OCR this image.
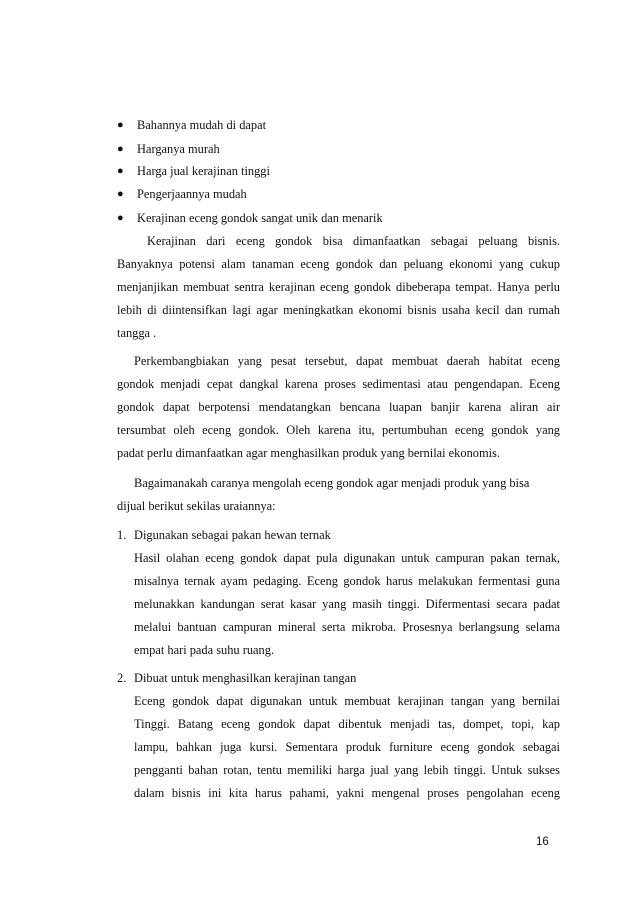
● Bahannya mudah di dapat
● Harganya murah
● Harga jual kerajinan tinggi
● Pengerjaannya mudah
● Kerajinan eceng gondok sangat unik dan menarik
Kerajinan dari eceng gondok bisa dimanfaatkan sebagai peluang bisnis.
Banyaknya potensi alam tanaman eceng gondok dan peluang ekonomi yang cukup
menjanjikan membuat sentra kerajinan eceng gondok dibeberapa tempat. Hanya perlu
lebih di diintensifkan lagi agar meningkatkan ekonomi bisnis usaha kecil dan rumah
tangga .
Perkembangbiakan yang pesat tersebut, dapat membuat daerah habitat eceng
gondok menjadi cepat dangkal karena proses sedimentasi atau pengendapan. Eceng
gondok dapat berpotensi mendatangkan bencana luapan banjir karena aliran air
tersumbat oleh eceng gondok. Oleh karena itu, pertumbuhan eceng gondok yang
padat perlu dimanfaatkan agar menghasilkan produk yang bernilai ekonomis.
Bagaimanakah caranya mengolah eceng gondok agar menjadi produk yang bisa
dijual berikut sekilas uraiannya:
1. Digunakan sebagai pakan hewan ternak
Hasil olahan eceng gondok dapat pula digunakan untuk campuran pakan ternak,
misalnya ternak ayam pedaging. Eceng gondok harus melakukan fermentasi guna
melunakkan kandungan serat kasar yang masih tinggi. Difermentasi secara padat
melalui bantuan campuran mineral serta mikroba. Prosesnya berlangsung selama
empat hari pada suhu ruang.
2. Dibuat untuk menghasilkan kerajinan tangan
Eceng gondok dapat digunakan untuk membuat kerajinan tangan yang bernilai
Tinggi. Batang eceng gondok dapat dibentuk menjadi tas, dompet, topi, kap
lampu, bahkan juga kursi. Sementara produk furniture eceng gondok sebagai
pengganti bahan rotan, tentu memiliki harga jual yang lebih tinggi. Untuk sukses
dalam bisnis ini kita harus pahami, yakni mengenal proses pengolahan eceng
16
